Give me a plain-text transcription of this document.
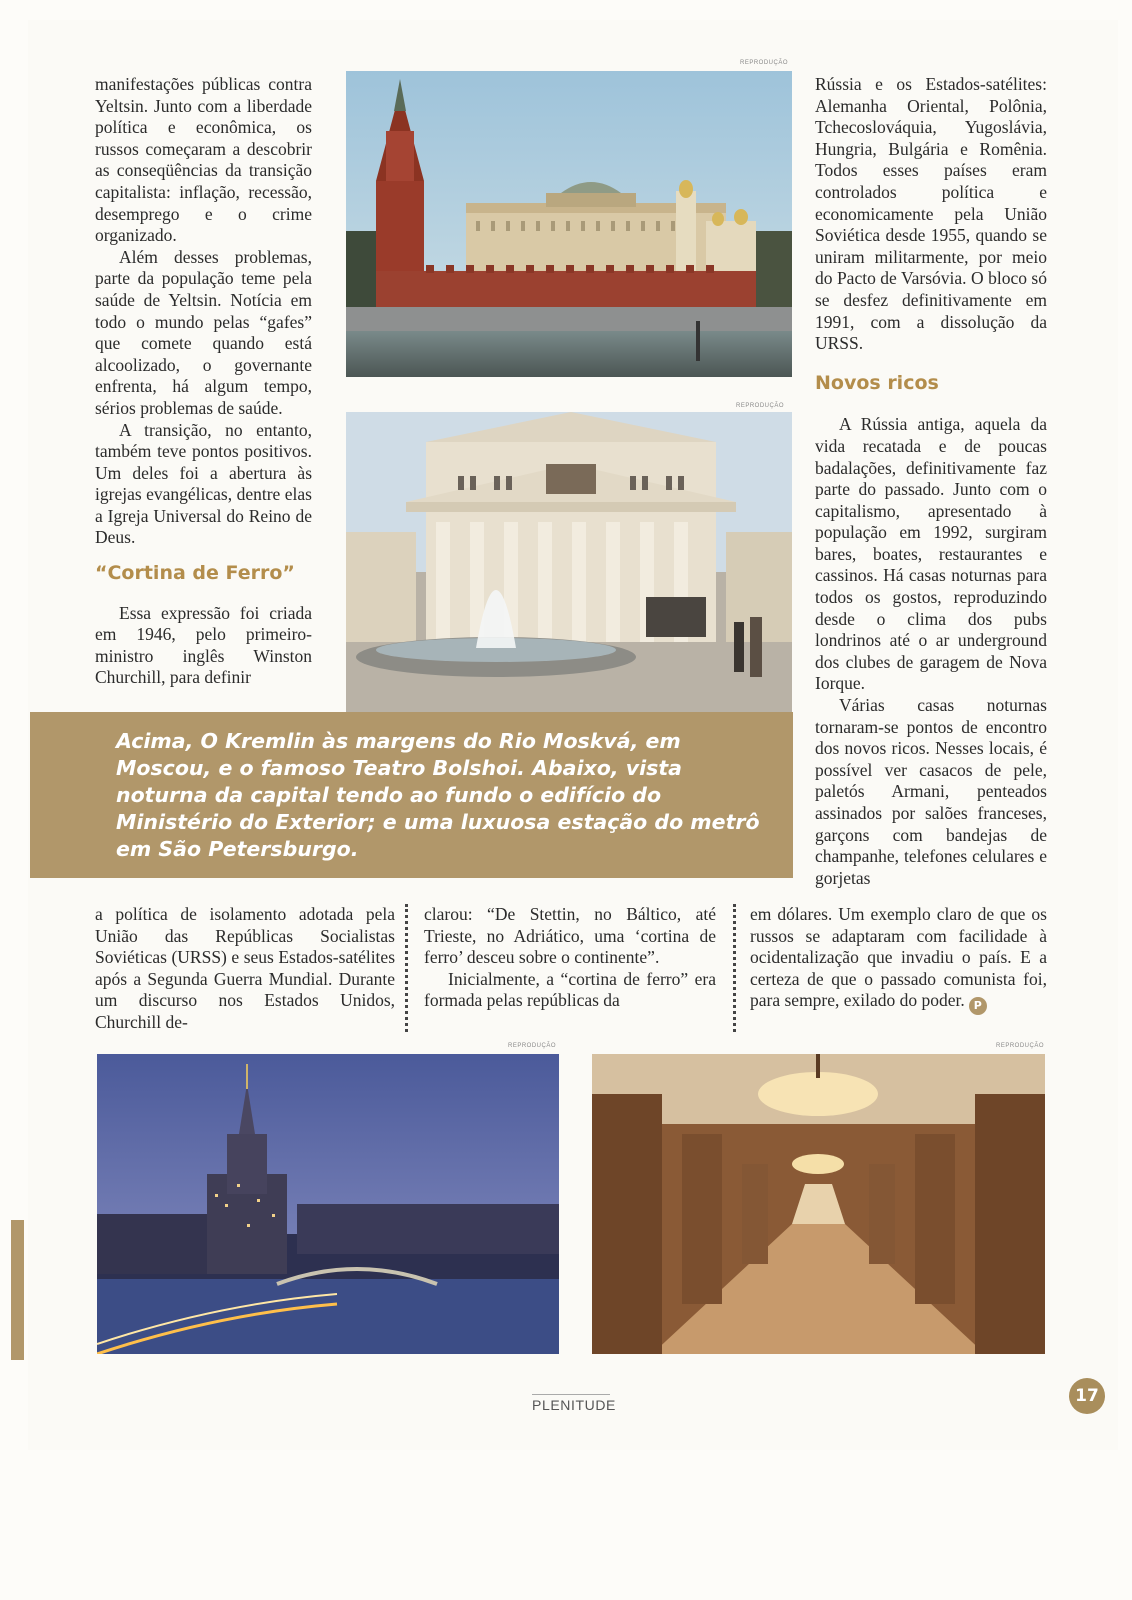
manifestações públicas contra Yeltsin. Junto com a liberdade política e econômica, os russos começaram a descobrir as conseqüências da transição capitalista: inflação, recessão, desemprego e o crime organizado.

Além desses problemas, parte da população teme pela saúde de Yeltsin. Notícia em todo o mundo pelas “gafes” que comete quando está alcoolizado, o governante enfrenta, há algum tempo, sérios problemas de saúde.

A transição, no entanto, também teve pontos positivos. Um deles foi a abertura às igrejas evangélicas, dentre elas a Igreja Universal do Reino de Deus.

“Cortina de Ferro”

Essa expressão foi criada em 1946, pelo primeiro-ministro inglês Winston Churchill, para definir

REPRODUÇÃO
REPRODUÇÃO
Acima, O Kremlin às margens do Rio Moskvá, em Moscou, e o famoso Teatro Bolshoi. Abaixo, vista noturna da capital tendo ao fundo o edifício do Ministério do Exterior; e uma luxuosa estação do metrô em São Petersburgo.

Rússia e os Estados-satélites: Alemanha Oriental, Polônia, Tchecoslováquia, Yugoslávia, Hungria, Bulgária e Romênia. Todos esses países eram controlados política e economicamente pela União Soviética desde 1955, quando se uniram militarmente, por meio do Pacto de Varsóvia. O bloco só se desfez definitivamente em 1991, com a dissolução da URSS.

Novos ricos

A Rússia antiga, aquela da vida recatada e de poucas badalações, definitivamente faz parte do passado. Junto com o capitalismo, apresentado à população em 1992, surgiram bares, boates, restaurantes e cassinos. Há casas noturnas para todos os gostos, reproduzindo desde o clima dos pubs londrinos até o ar underground dos clubes de garagem de Nova Iorque.

Várias casas noturnas tornaram-se pontos de encontro dos novos ricos. Nesses locais, é possível ver casacos de pele, paletós Armani, penteados assinados por salões franceses, garçons com bandejas de champanhe, telefones celulares e gorjetas

a política de isolamento adotada pela União das Repúblicas Socialistas Soviéticas (URSS) e seus Estados-satélites após a Segunda Guerra Mundial. Durante um discurso nos Estados Unidos, Churchill de-

clarou: “De Stettin, no Báltico, até Trieste, no Adriático, uma ‘cortina de ferro’ desceu sobre o continente”.

Inicialmente, a “cortina de ferro” era formada pelas repúblicas da

em dólares. Um exemplo claro de que os russos se adaptaram com facilidade à ocidentalização que invadiu o país. E a certeza de que o passado comunista foi, para sempre, exilado do poder. P

REPRODUÇÃO	REPRODUÇÃO
PLENITUDE	17
